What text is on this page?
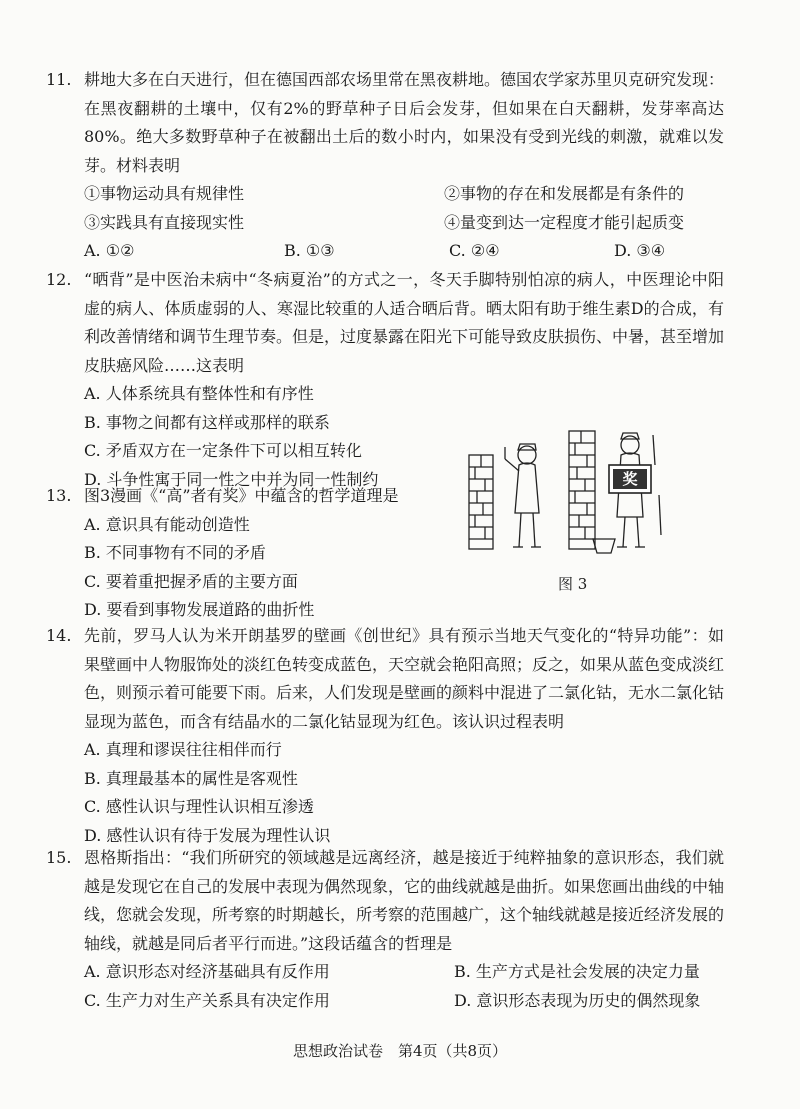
11. 耕地大多在白天进行，但在德国西部农场里常在黑夜耕地。德国农学家苏里贝克研究发现：在黑夜翻耕的土壤中，仅有2%的野草种子日后会发芽，但如果在白天翻耕，发芽率高达80%。绝大多数野草种子在被翻出土后的数小时内，如果没有受到光线的刺激，就难以发芽。材料表明
①事物运动具有规律性	②事物的存在和发展都是有条件的
③实践具有直接现实性	④量变到达一定程度才能引起质变
A. ①②	B. ①③	C. ②④	D. ③④
12. “晒背”是中医治未病中“冬病夏治”的方式之一，冬天手脚特别怕凉的病人，中医理论中阳虚的病人、体质虚弱的人、寒湿比较重的人适合晒后背。晒太阳有助于维生素D的合成，有利改善情绪和调节生理节奏。但是，过度暴露在阳光下可能导致皮肤损伤、中暑，甚至增加皮肤癌风险……这表明
A. 人体系统具有整体性和有序性
B. 事物之间都有这样或那样的联系
C. 矛盾双方在一定条件下可以相互转化
D. 斗争性寓于同一性之中并为同一性制约
13. 图3漫画《“高”者有奖》中蕴含的哲学道理是
A. 意识具有能动创造性
B. 不同事物有不同的矛盾
C. 要着重把握矛盾的主要方面
D. 要看到事物发展道路的曲折性
奖
图 3
14. 先前，罗马人认为米开朗基罗的壁画《创世纪》具有预示当地天气变化的“特异功能”：如果壁画中人物服饰处的淡红色转变成蓝色，天空就会艳阳高照；反之，如果从蓝色变成淡红色，则预示着可能要下雨。后来，人们发现是壁画的颜料中混进了二氯化钴，无水二氯化钴显现为蓝色，而含有结晶水的二氯化钴显现为红色。该认识过程表明
A. 真理和谬误往往相伴而行
B. 真理最基本的属性是客观性
C. 感性认识与理性认识相互渗透
D. 感性认识有待于发展为理性认识
15. 恩格斯指出：“我们所研究的领域越是远离经济，越是接近于纯粹抽象的意识形态，我们就越是发现它在自己的发展中表现为偶然现象，它的曲线就越是曲折。如果您画出曲线的中轴线，您就会发现，所考察的时期越长，所考察的范围越广，这个轴线就越是接近经济发展的轴线，就越是同后者平行而进。”这段话蕴含的哲理是
A. 意识形态对经济基础具有反作用	B. 生产方式是社会发展的决定力量
C. 生产力对生产关系具有决定作用	D. 意识形态表现为历史的偶然现象
思想政治试卷　第4页（共8页）
